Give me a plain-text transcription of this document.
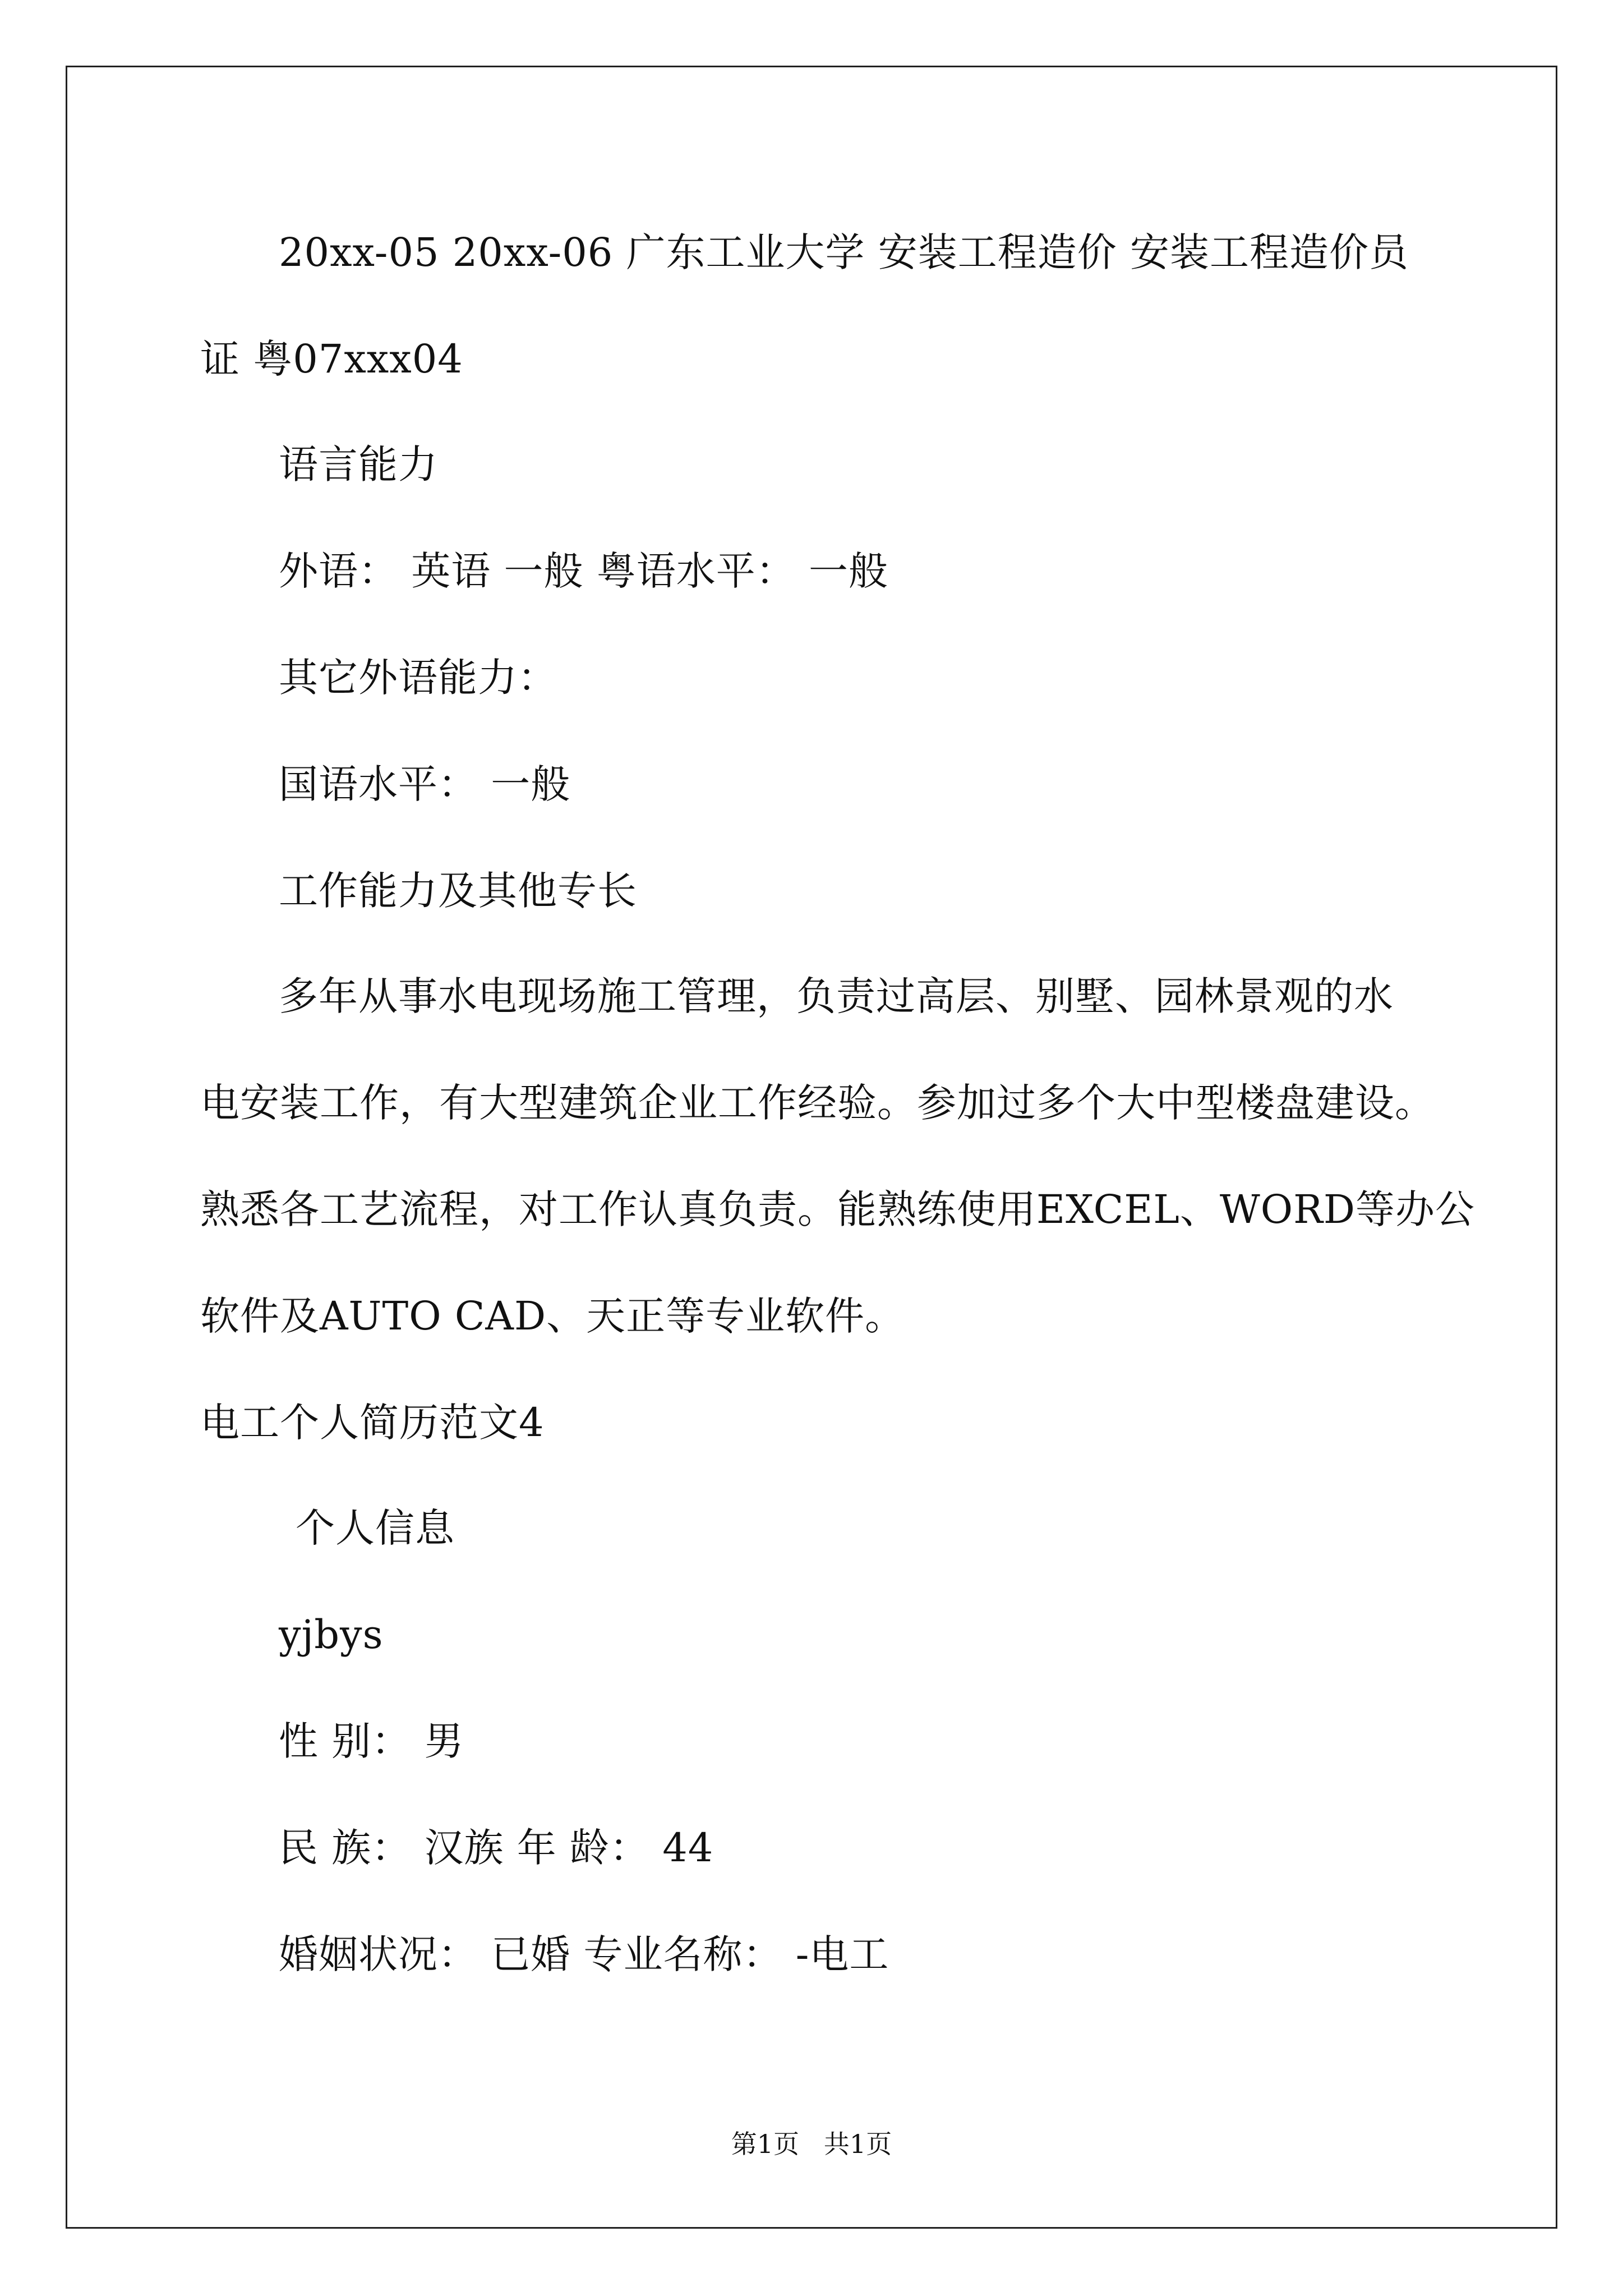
20xx-05 20xx-06 广东工业大学 安装工程造价 安装工程造价员
证 粤07xxx04
语言能力
外语： 英语 一般 粤语水平： 一般
其它外语能力：
国语水平： 一般
工作能力及其他专长
多年从事水电现场施工管理，负责过高层、别墅、园林景观的水
电安装工作，有大型建筑企业工作经验。参加过多个大中型楼盘建设。
熟悉各工艺流程，对工作认真负责。能熟练使用EXCEL、WORD等办公
软件及AUTO CAD、天正等专业软件。
电工个人简历范文4
个人信息
yjbys
性 别： 男
民 族： 汉族 年 龄： 44
婚姻状况： 已婚 专业名称： -电工
第1页   共1页
